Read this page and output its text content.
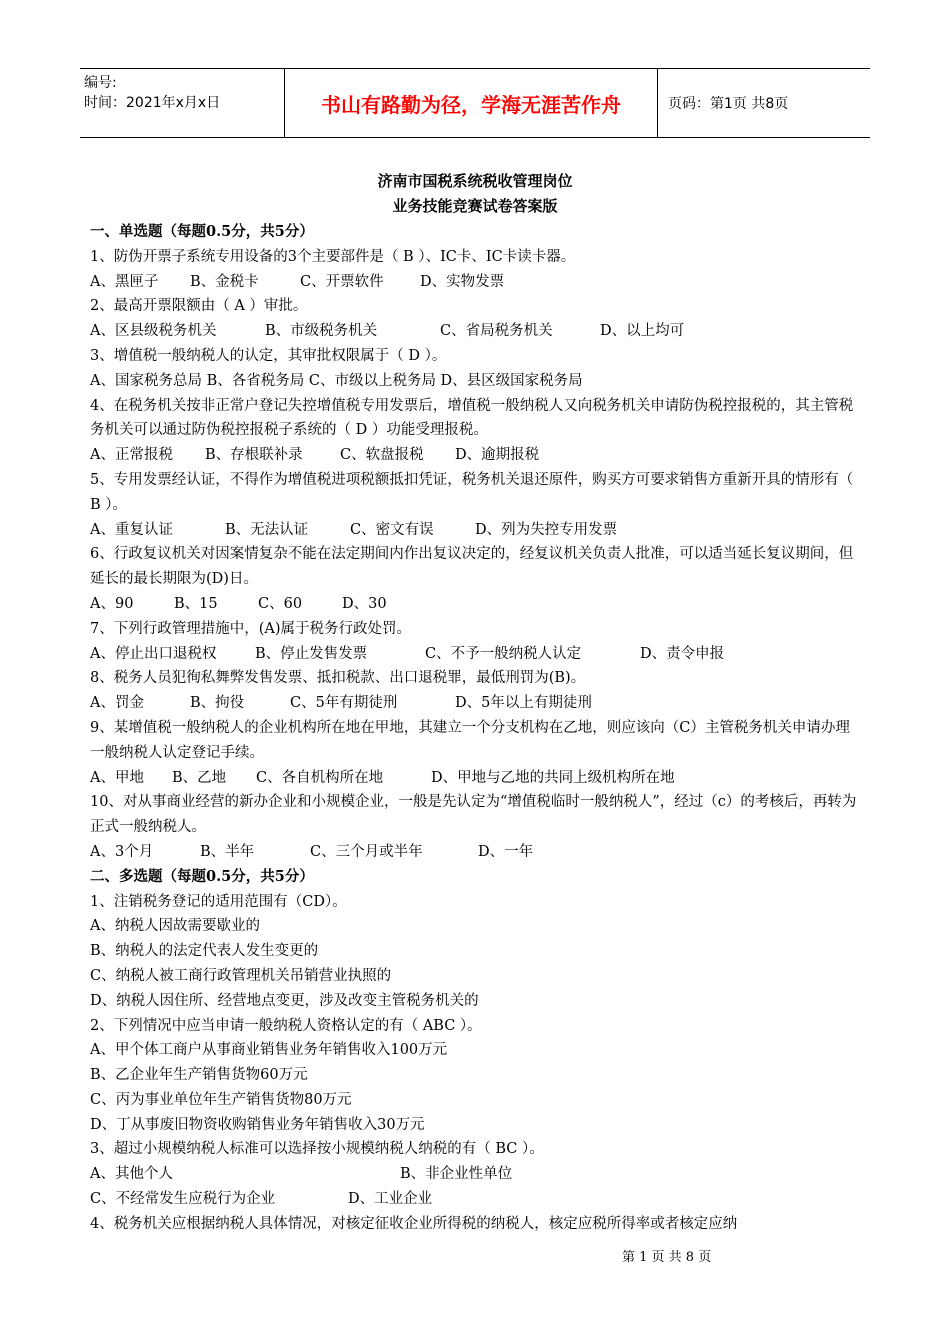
编号:
时间：2021年x月x日	书山有路勤为径，学海无涯苦作舟	页码：第1页 共8页
济南市国税系统税收管理岗位
业务技能竞赛试卷答案版
一、单选题（每题0.5分，共5分）
1、防伪开票子系统专用设备的3个主要部件是（ B ）、IC卡、IC卡读卡器。
A、黑匣子	B、金税卡	C、开票软件	D、实物发票
2、最高开票限额由（ A ）审批。
A、区县级税务机关	B、市级税务机关	C、省局税务机关	D、以上均可
3、增值税一般纳税人的认定，其审批权限属于（ D ）。
A、国家税务总局 B、各省税务局 C、市级以上税务局 D、县区级国家税务局
4、在税务机关按非正常户登记失控增值税专用发票后，增值税一般纳税人又向税务机关申请防伪税控报税的，其主管税务机关可以通过防伪税控报税子系统的（ D ）功能受理报税。
A、正常报税	B、存根联补录	C、软盘报税	D、逾期报税
5、专用发票经认证，不得作为增值税进项税额抵扣凭证，税务机关退还原件，购买方可要求销售方重新开具的情形有（ B ）。
A、重复认证	B、无法认证	C、密文有误	D、列为失控专用发票
6、行政复议机关对因案情复杂不能在法定期间内作出复议决定的，经复议机关负责人批准，可以适当延长复议期间，但延长的最长期限为(D)日。
A、90	B、15	C、60	D、30
7、下列行政管理措施中，(A)属于税务行政处罚。
A、停止出口退税权	B、停止发售发票	C、不予一般纳税人认定	D、责令申报
8、税务人员犯徇私舞弊发售发票、抵扣税款、出口退税罪，最低刑罚为(B)。
A、罚金	B、拘役	C、5年有期徒刑	D、5年以上有期徒刑
9、某增值税一般纳税人的企业机构所在地在甲地，其建立一个分支机构在乙地，则应该向（C）主管税务机关申请办理一般纳税人认定登记手续。
A、甲地	B、乙地	C、各自机构所在地	D、甲地与乙地的共同上级机构所在地
10、对从事商业经营的新办企业和小规模企业，一般是先认定为“增值税临时一般纳税人”，经过（c）的考核后，再转为正式一般纳税人。
A、3个月	B、半年	C、三个月或半年	D、一年
二、多选题（每题0.5分，共5分）
1、注销税务登记的适用范围有（CD）。
A、纳税人因故需要歇业的
B、纳税人的法定代表人发生变更的
C、纳税人被工商行政管理机关吊销营业执照的
D、纳税人因住所、经营地点变更，涉及改变主管税务机关的
2、下列情况中应当申请一般纳税人资格认定的有（ ABC ）。
A、甲个体工商户从事商业销售业务年销售收入100万元
B、乙企业年生产销售货物60万元
C、丙为事业单位年生产销售货物80万元
D、丁从事废旧物资收购销售业务年销售收入30万元
3、超过小规模纳税人标准可以选择按小规模纳税人纳税的有（ BC ）。
A、其他个人	B、非企业性单位
C、不经常发生应税行为企业	D、工业企业
4、税务机关应根据纳税人具体情况，对核定征收企业所得税的纳税人，核定应税所得率或者核定应纳
第 1 页 共 8 页
